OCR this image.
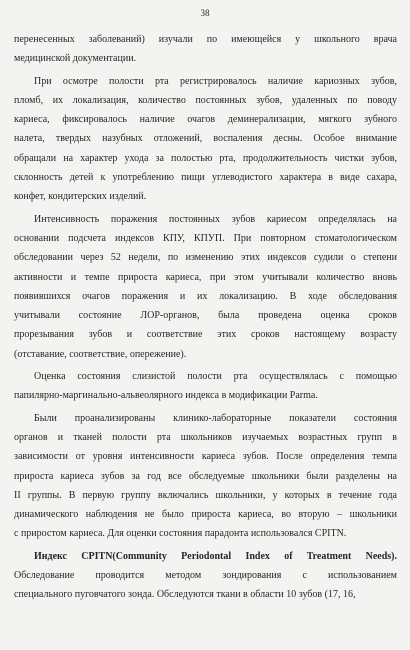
38
перенесенных заболеваний) изучали по имеющейся у школьного врача
медицинской документации.
При осмотре полости рта регистрировалось наличие кариозных зубов,
пломб, их локализация, количество постоянных зубов, удаленных по поводу
кариеса, фиксировалось наличие очагов деминерализации, мягкого зубного
налета, твердых назубных отложений, воспаления десны. Особое внимание
обращали на характер ухода за полостью рта, продолжительность чистки зубов,
склонность детей к употреблению пищи углеводистого характера в виде сахара,
конфет, кондитерских изделий.
Интенсивность поражения постоянных зубов кариесом определялась на
основании подсчета индексов КПУ, КПУП. При повторном стоматологическом
обследовании через 52 недели, по изменению этих индексов судили о степени
активности и темпе прироста кариеса, при этом учитывали количество вновь
появившихся очагов поражения и их локализацию. В ходе обследования
учитывали состояние ЛОР-органов, была проведена оценка сроков
прорезывания зубов и соответствие этих сроков настоящему возрасту
(отставание, соответствие, опережение).
Оценка состояния слизистой полости рта осуществлялась с помощью
папилярно-маргинально-альвеолярного индекса в модификации Parma.
Были проанализированы клинико-лабораторные показатели состояния
органов и тканей полости рта школьников изучаемых возрастных групп в
зависимости от уровня интенсивности кариеса зубов. После определения темпа
прироста кариеса зубов за год все обследуемые школьники были разделены на
II группы. В первую группу включались школьники, у которых в течение года
динамического наблюдения не было прироста кариеса, во вторую – школьники
с приростом кариеса. Для оценки состояния парадонта использовался CPITN.
Индекс CPITN(Community Periodontal Index of Treatment Needs).
Обследование проводится методом зондирования с использованием
специального пуговчатого зонда. Обследуются ткани в области 10 зубов (17, 16,
